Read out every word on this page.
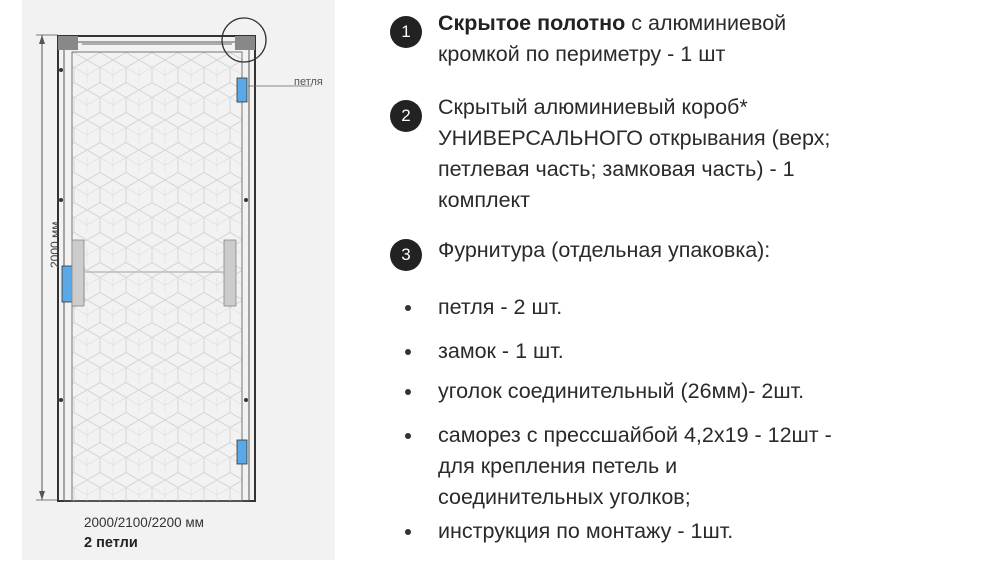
2000 мм
петля
2000/2100/2200 мм
2 петли
1	Скрытое полотно с алюминиевой
кромкой по периметру - 1 шт
2	Скрытый алюминиевый короб*
УНИВЕРСАЛЬНОГО открывания (верх;
петлевая часть; замковая часть) - 1
комплект
3	Фурнитура (отдельная упаковка):
петля - 2 шт.
замок - 1 шт.
уголок соединительный (26мм)- 2шт.
саморез с прессшайбой 4,2х19 - 12шт -
для крепления петель и
соединительных уголков;
инструкция по монтажу - 1шт.
